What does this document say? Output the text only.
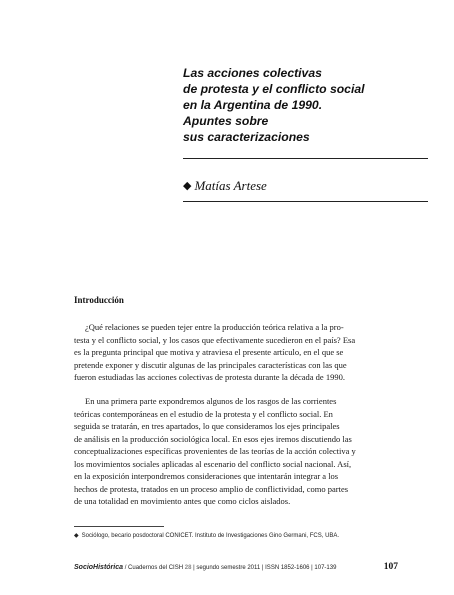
Las acciones colectivas
de protesta y el conflicto social
en la Argentina de 1990.
Apuntes sobre
sus caracterizaciones
◆ Matías Artese
Introducción

¿Qué relaciones se pueden tejer entre la producción teórica relativa a la pro-
testa y el conflicto social, y los casos que efectivamente sucedieron en el país? Esa
es la pregunta principal que motiva y atraviesa el presente artículo, en el que se
pretende exponer y discutir algunas de las principales características con las que
fueron estudiadas las acciones colectivas de protesta durante la década de 1990.

En una primera parte expondremos algunos de los rasgos de las corrientes
teóricas contemporáneas en el estudio de la protesta y el conflicto social. En
seguida se tratarán, en tres apartados, lo que consideramos los ejes principales
de análisis en la producción sociológica local. En esos ejes iremos discutiendo las
conceptualizaciones específicas provenientes de las teorías de la acción colectiva y
los movimientos sociales aplicadas al escenario del conflicto social nacional. Así,
en la exposición interpondremos consideraciones que intentarán integrar a los
hechos de protesta, tratados en un proceso amplio de conflictividad, como partes
de una totalidad en movimiento antes que como ciclos aislados.

◆ Sociólogo, becario posdoctoral CONICET. Instituto de Investigaciones Gino Germani, FCS, UBA.
SocioHistórica / Cuadernos del CISH 28 | segundo semestre 2011 | ISSN 1852-1606 | 107-139	107
